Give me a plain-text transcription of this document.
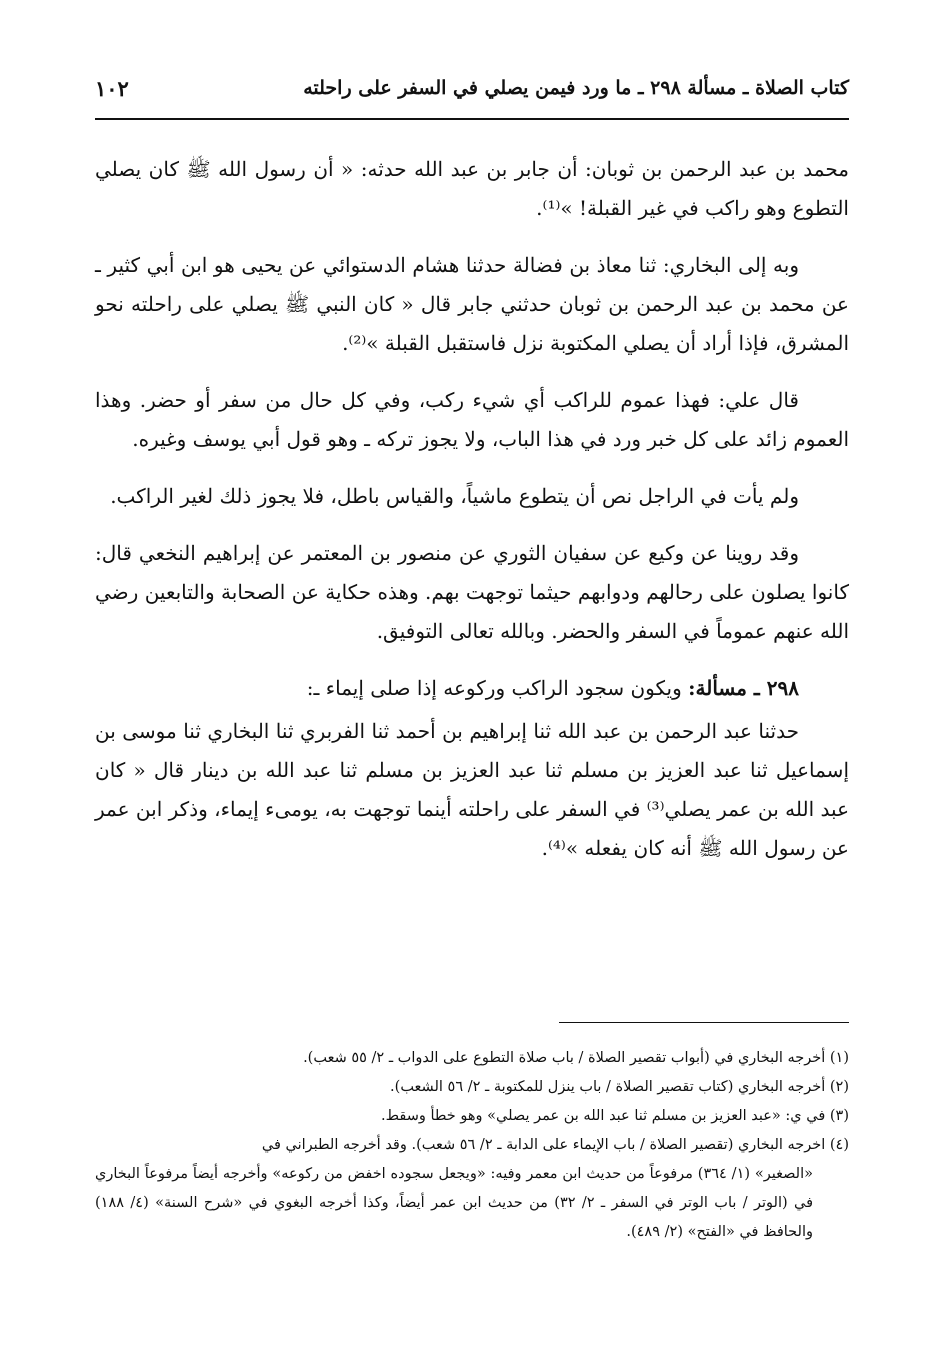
كتاب الصلاة ـ مسألة ٢٩٨ ـ ما ورد فيمن يصلي في السفر على راحلته
١٠٢

محمد بن عبد الرحمن بن ثوبان: أن جابر بن عبد الله حدثه: « أن رسول الله ﷺ كان يصلي التطوع وهو راكب في غير القبلة! »⁽¹⁾.

وبه إلى البخاري: ثنا معاذ بن فضالة حدثنا هشام الدستوائي عن يحيى هو ابن أبي كثير ـ عن محمد بن عبد الرحمن بن ثوبان حدثني جابر قال « كان النبي ﷺ يصلي على راحلته نحو المشرق، فإذا أراد أن يصلي المكتوبة نزل فاستقبل القبلة »⁽²⁾.

قال علي: فهذا عموم للراكب أي شيء ركب، وفي كل حال من سفر أو حضر. وهذا العموم زائد على كل خبر ورد في هذا الباب، ولا يجوز تركه ـ وهو قول أبي يوسف وغيره.

ولم يأت في الراجل نص أن يتطوع ماشياً، والقياس باطل، فلا يجوز ذلك لغير الراكب.

وقد روينا عن وكيع عن سفيان الثوري عن منصور بن المعتمر عن إبراهيم النخعي قال: كانوا يصلون على رحالهم ودوابهم حيثما توجهت بهم. وهذه حكاية عن الصحابة والتابعين رضي الله عنهم عموماً في السفر والحضر. وبالله تعالى التوفيق.

٢٩٨ ـ مسألة: ويكون سجود الراكب وركوعه إذا صلى إيماء ـ:

حدثنا عبد الرحمن بن عبد الله ثنا إبراهيم بن أحمد ثنا الفربري ثنا البخاري ثنا موسى بن إسماعيل ثنا عبد العزيز بن مسلم ثنا عبد العزيز بن مسلم ثنا عبد الله بن دينار قال « كان عبد الله بن عمر يصلي⁽³⁾ في السفر على راحلته أينما توجهت به، يومىء إيماء، وذكر ابن عمر عن رسول الله ﷺ أنه كان يفعله »⁽⁴⁾.

(١) أخرجه البخاري في (أبواب تقصير الصلاة / باب صلاة التطوع على الدواب ـ ٢/ ٥٥ شعب).

(٢) أخرجه البخاري (كتاب تقصير الصلاة / باب ينزل للمكتوبة ـ ٢/ ٥٦ الشعب).

(٣) في ي: «عبد العزيز بن مسلم ثنا عبد الله بن عمر يصلي» وهو خطأ وسقط.

(٤) اخرجه البخاري (تقصير الصلاة / باب الإيماء على الدابة ـ ٢/ ٥٦ شعب). وقد أخرجه الطبراني في

«الصغير» (١/ ٣٦٤) مرفوعاً من حديث ابن معمر وفيه: «ويجعل سجوده اخفض من ركوعه» وأخرجه أيضاً مرفوعاً البخاري في (الوتر / باب الوتر في السفر ـ ٢/ ٣٢) من حديث ابن عمر أيضاً، وكذا أخرجه البغوي في «شرح السنة» (٤/ ١٨٨) والحافظ في «الفتح» (٢/ ٤٨٩).
